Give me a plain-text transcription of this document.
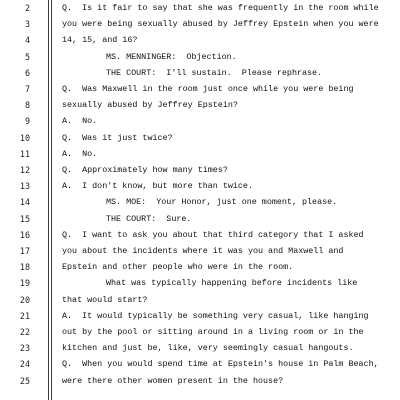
2	Q.  Is it fair to say that she was frequently in the room while
3	you were being sexually abused by Jeffrey Epstein when you were
4	14, 15, and 16?
5	MS. MENNINGER:  Objection.
6	THE COURT:  I'll sustain.  Please rephrase.
7	Q.  Was Maxwell in the room just once while you were being
8	sexually abused by Jeffrey Epstein?
9	A.  No.
10	Q.  Was it just twice?
11	A.  No.
12	Q.  Approximately how many times?
13	A.  I don't know, but more than twice.
14	MS. MOE:  Your Honor, just one moment, please.
15	THE COURT:  Sure.
16	Q.  I want to ask you about that third category that I asked
17	you about the incidents where it was you and Maxwell and
18	Epstein and other people who were in the room.
19	What was typically happening before incidents like
20	that would start?
21	A.  It would typically be something very casual, like hanging
22	out by the pool or sitting around in a living room or in the
23	kitchen and just be, like, very seemingly casual hangouts.
24	Q.  When you would spend time at Epstein's house in Palm Beach,
25	were there other women present in the house?
